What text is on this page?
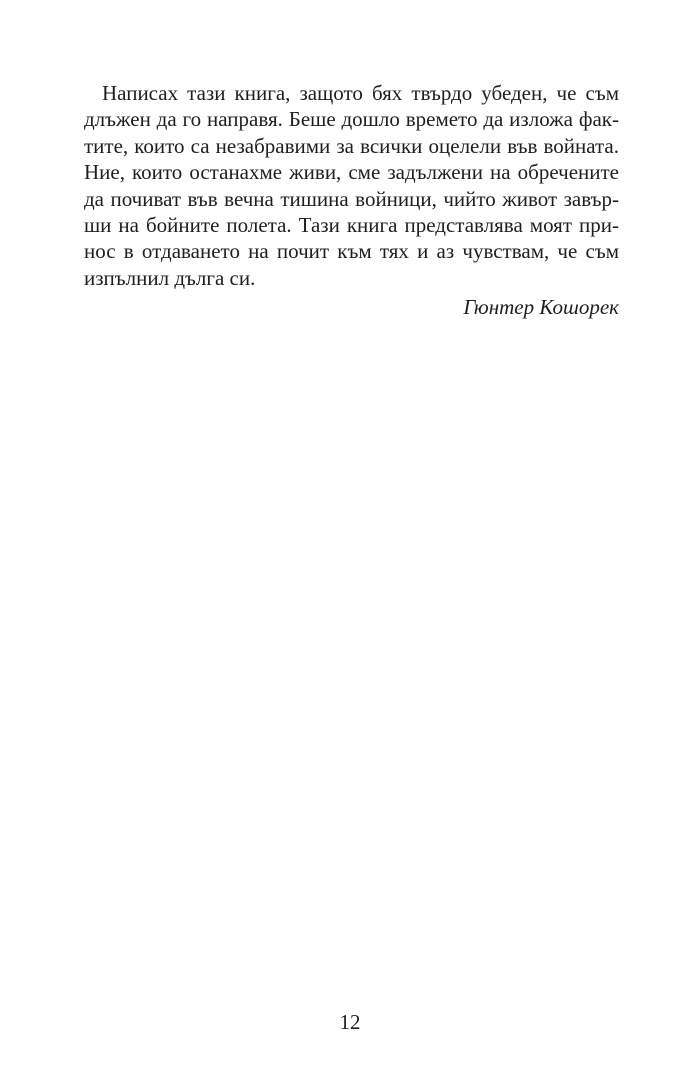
Написах тази книга, защото бях твърдо убеден, че съм
длъжен да го направя. Беше дошло времето да изложа фак-
тите, които са незабравими за всички оцелели във войната.
Ние, които останахме живи, сме задължени на обречените
да почиват във вечна тишина войници, чийто живот завър-
ши на бойните полета. Тази книга представлява моят при-
нос в отдаването на почит към тях и аз чувствам, че съм
изпълнил дълга си.
Гюнтер Кошорек
12
